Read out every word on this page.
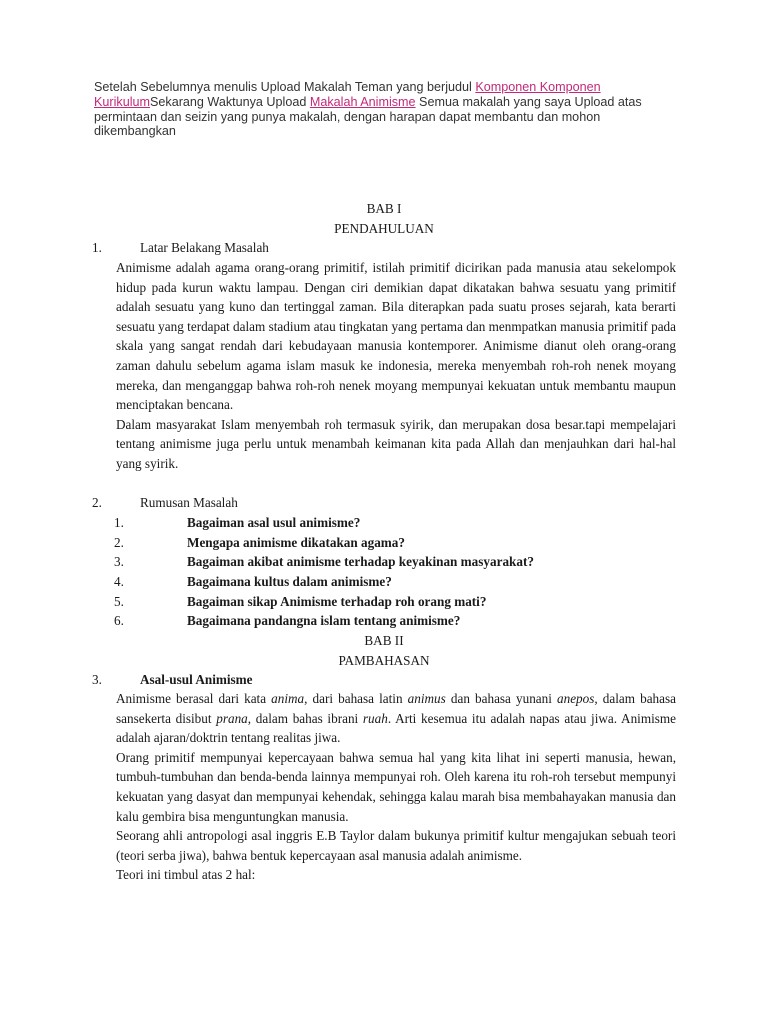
Setelah Sebelumnya menulis Upload Makalah Teman yang berjudul Komponen Komponen KurikulumSekarang Waktunya Upload Makalah Animisme Semua makalah yang saya Upload atas permintaan dan seizin yang punya makalah, dengan harapan dapat membantu dan mohon dikembangkan
BAB I
PENDAHULUAN
1.	Latar Belakang Masalah

Animisme adalah agama orang-orang primitif, istilah primitif dicirikan pada manusia atau sekelompok hidup pada kurun waktu lampau. Dengan ciri demikian dapat dikatakan bahwa sesuatu yang primitif adalah sesuatu yang kuno dan tertinggal zaman. Bila diterapkan pada suatu proses sejarah, kata berarti sesuatu yang terdapat dalam stadium atau tingkatan yang pertama dan menmpatkan manusia primitif pada skala yang sangat rendah dari kebudayaan manusia kontemporer. Animisme dianut oleh orang-orang zaman dahulu sebelum agama islam masuk ke indonesia, mereka menyembah roh-roh nenek moyang mereka, dan menganggap bahwa roh-roh nenek moyang mempunyai kekuatan untuk membantu maupun menciptakan bencana.

Dalam masyarakat Islam menyembah roh termasuk syirik, dan merupakan dosa besar.tapi mempelajari tentang animisme juga perlu untuk menambah keimanan kita pada Allah dan menjauhkan dari hal-hal yang syirik.

2.	Rumusan Masalah
1.	Bagaiman asal usul animisme?
2.	Mengapa animisme dikatakan agama?
3.	Bagaiman akibat animisme terhadap keyakinan masyarakat?
4.	Bagaimana kultus dalam animisme?
5.	Bagaiman sikap Animisme terhadap roh orang mati?
6.	Bagaimana pandangna islam tentang animisme?
BAB II
PAMBAHASAN
3.	Asal-usul Animisme

Animisme berasal dari kata anima, dari bahasa latin animus dan bahasa yunani anepos, dalam bahasa sansekerta disibut prana, dalam bahas ibrani ruah. Arti kesemua itu adalah napas atau jiwa. Animisme adalah ajaran/doktrin tentang realitas jiwa.

Orang primitif mempunyai kepercayaan bahwa semua hal yang kita lihat ini seperti manusia, hewan, tumbuh-tumbuhan dan benda-benda lainnya mempunyai roh. Oleh karena itu roh-roh tersebut mempunyi kekuatan yang dasyat dan mempunyai kehendak, sehingga kalau marah bisa membahayakan manusia dan kalu gembira bisa menguntungkan manusia.

Seorang ahli antropologi asal inggris E.B Taylor dalam bukunya primitif kultur mengajukan sebuah teori (teori serba jiwa), bahwa bentuk kepercayaan asal manusia adalah animisme.

Teori ini timbul atas 2 hal:
